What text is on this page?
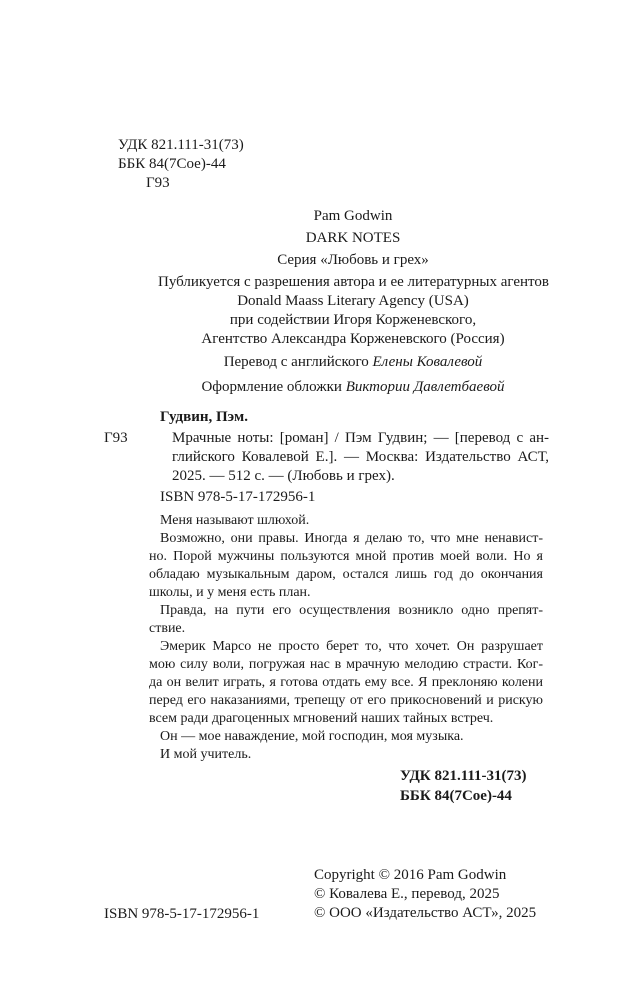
УДК 821.111-31(73)
ББК 84(7Сое)-44
Г93
Pam Godwin
DARK NOTES
Серия «Любовь и грех»
Публикуется с разрешения автора и ее литературных агентов
Donald Maass Literary Agency (USA)
при содействии Игоря Корженевского,
Агентство Александра Корженевского (Россия)
Перевод с английского Елены Ковалевой
Оформление обложки Виктории Давлетбаевой
Гудвин, Пэм.
Г93	Мрачные ноты: [роман] / Пэм Гудвин; — [перевод с ан-
глийского Ковалевой Е.]. — Москва: Издательство АСТ,
2025. — 512 с. — (Любовь и грех).
ISBN 978-5-17-172956-1
Меня называют шлюхой.
Возможно, они правы. Иногда я делаю то, что мне ненавист-
но. Порой мужчины пользуются мной против моей воли. Но я
обладаю музыкальным даром, остался лишь год до окончания
школы, и у меня есть план.
Правда, на пути его осуществления возникло одно препят-
ствие.
Эмерик Марсо не просто берет то, что хочет. Он разрушает
мою силу воли, погружая нас в мрачную мелодию страсти. Ког-
да он велит играть, я готова отдать ему все. Я преклоняю колени
перед его наказаниями, трепещу от его прикосновений и рискую
всем ради драгоценных мгновений наших тайных встреч.
Он — мое наваждение, мой господин, моя музыка.
И мой учитель.
УДК 821.111-31(73)
ББК 84(7Сое)-44
ISBN 978-5-17-172956-1
Copyright © 2016 Pam Godwin
© Ковалева Е., перевод, 2025
© ООО «Издательство АСТ», 2025
